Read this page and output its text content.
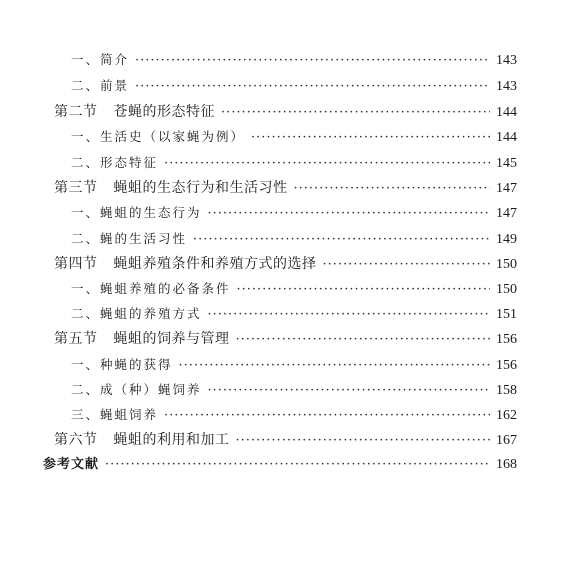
一、简介 ·····	143
二、前景 ·····	143
第二节 苍蝇的形态特征 ·····	144
一、生活史（以家蝇为例） ·····	144
二、形态特征 ·····	145
第三节 蝇蛆的生态行为和生活习性 ·····	147
一、蝇蛆的生态行为 ·····	147
二、蝇的生活习性 ·····	149
第四节 蝇蛆养殖条件和养殖方式的选择 ·····	150
一、蝇蛆养殖的必备条件 ·····	150
二、蝇蛆的养殖方式 ·····	151
第五节 蝇蛆的饲养与管理 ·····	156
一、种蝇的获得 ·····	156
二、成（种）蝇饲养 ·····	158
三、蝇蛆饲养 ·····	162
第六节 蝇蛆的利用和加工 ·····	167
参考文献 ·····	168
